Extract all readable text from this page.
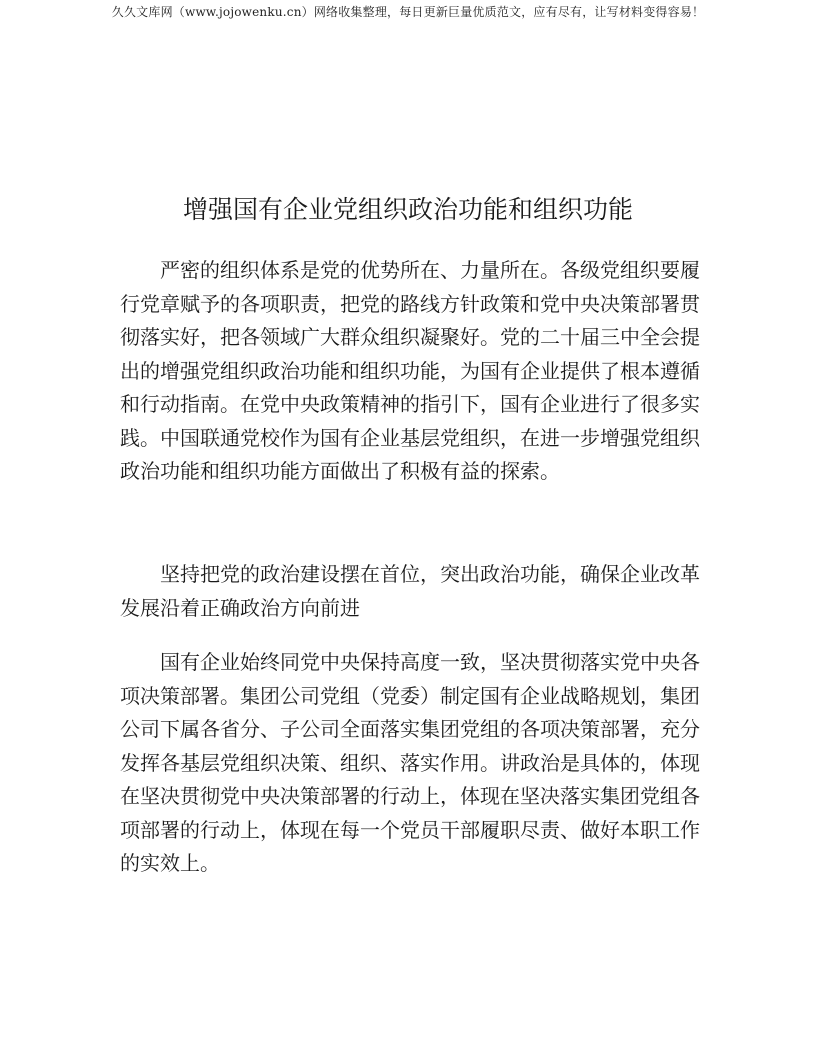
久久文库网（www.jojowenku.cn）网络收集整理，每日更新巨量优质范文，应有尽有，让写材料变得容易！
增强国有企业党组织政治功能和组织功能

严密的组织体系是党的优势所在、力量所在。各级党组织要履行党章赋予的各项职责，把党的路线方针政策和党中央决策部署贯彻落实好，把各领域广大群众组织凝聚好。党的二十届三中全会提出的增强党组织政治功能和组织功能，为国有企业提供了根本遵循和行动指南。在党中央政策精神的指引下，国有企业进行了很多实践。中国联通党校作为国有企业基层党组织，在进一步增强党组织政治功能和组织功能方面做出了积极有益的探索。

坚持把党的政治建设摆在首位，突出政治功能，确保企业改革发展沿着正确政治方向前进

国有企业始终同党中央保持高度一致，坚决贯彻落实党中央各项决策部署。集团公司党组（党委）制定国有企业战略规划，集团公司下属各省分、子公司全面落实集团党组的各项决策部署，充分发挥各基层党组织决策、组织、落实作用。讲政治是具体的，体现在坚决贯彻党中央决策部署的行动上，体现在坚决落实集团党组各项部署的行动上，体现在每一个党员干部履职尽责、做好本职工作的实效上。
